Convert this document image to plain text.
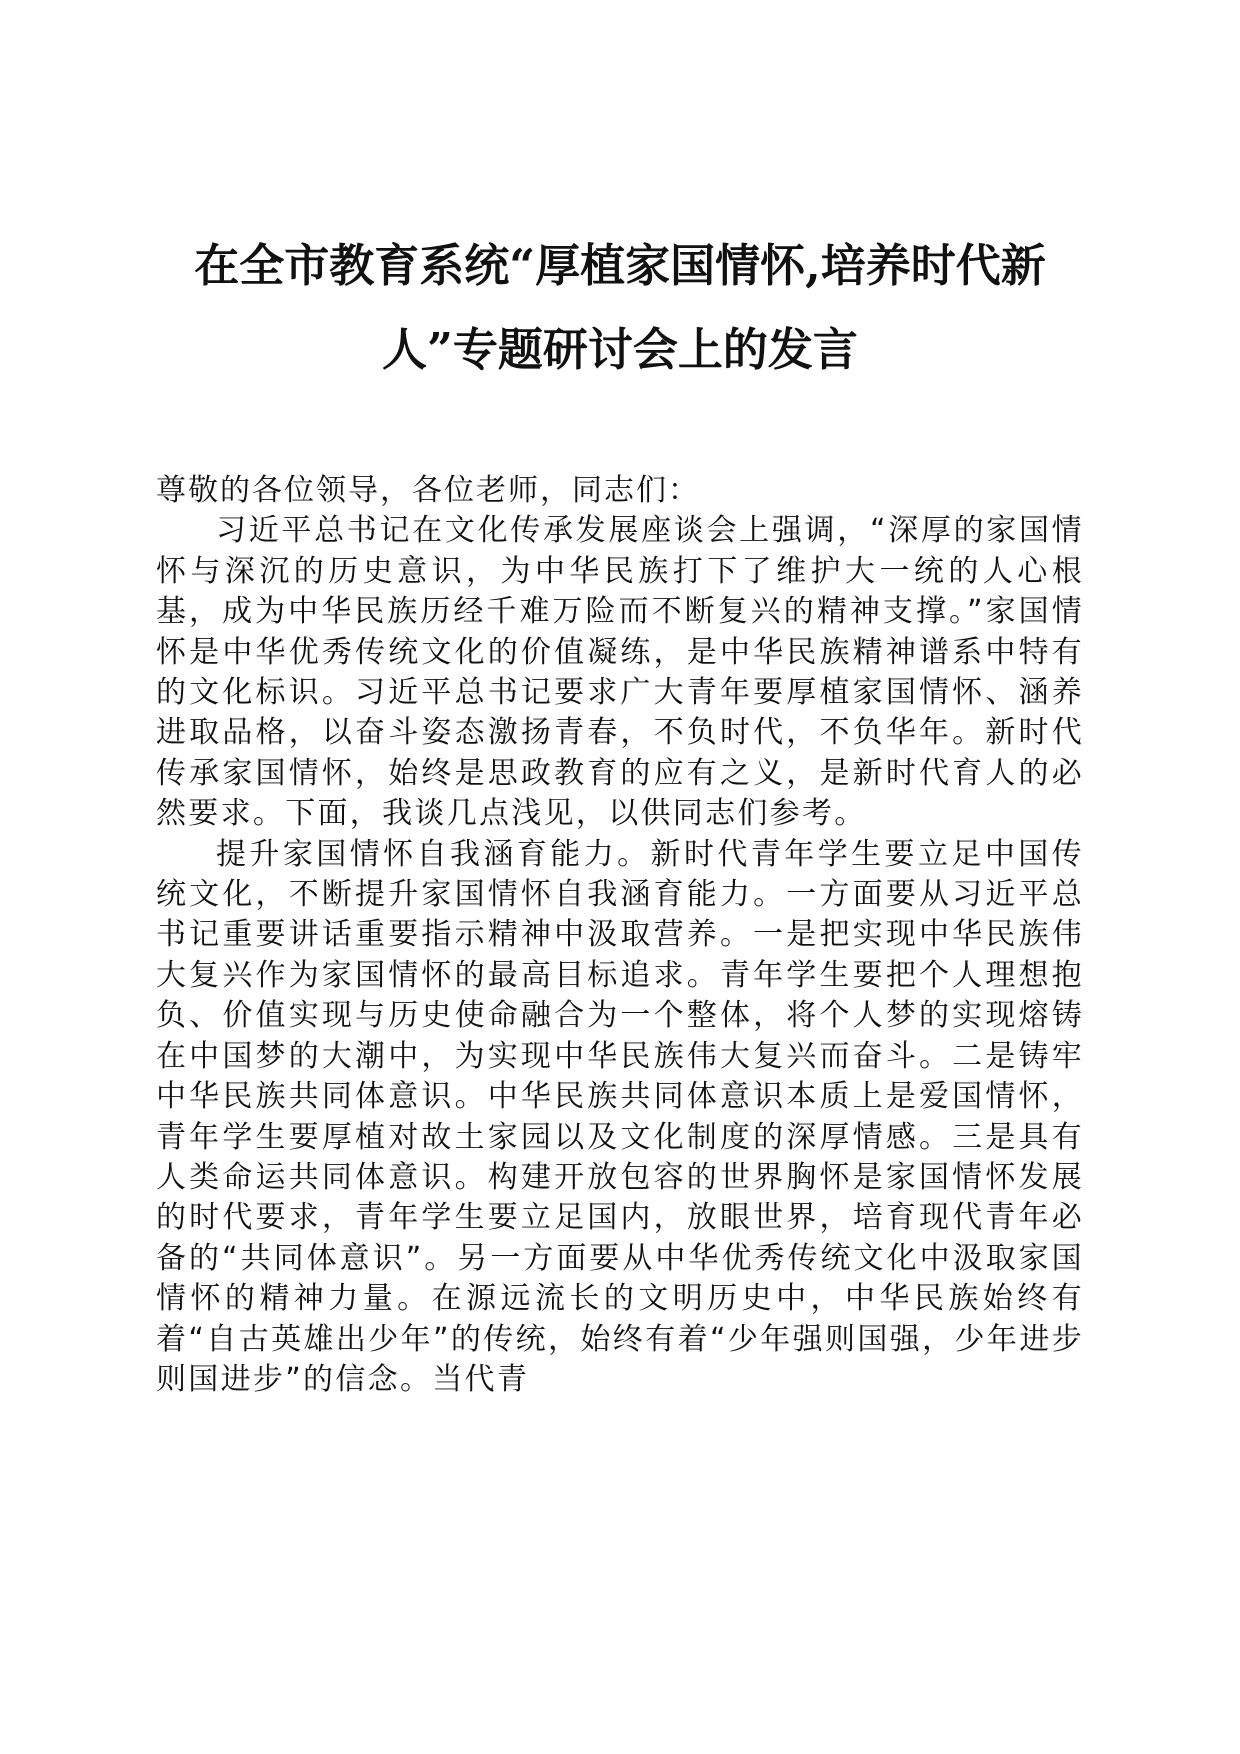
在全市教育系统“厚植家国情怀,培养时代新
人”专题研讨会上的发言

尊敬的各位领导，各位老师，同志们：

习近平总书记在文化传承发展座谈会上强调，“深厚的家国情怀与深沉的历史意识，为中华民族打下了维护大一统的人心根基，成为中华民族历经千难万险而不断复兴的精神支撑。”家国情怀是中华优秀传统文化的价值凝练，是中华民族精神谱系中特有的文化标识。习近平总书记要求广大青年要厚植家国情怀、涵养进取品格，以奋斗姿态激扬青春，不负时代，不负华年。新时代传承家国情怀，始终是思政教育的应有之义，是新时代育人的必然要求。下面，我谈几点浅见，以供同志们参考。

提升家国情怀自我涵育能力。新时代青年学生要立足中国传统文化，不断提升家国情怀自我涵育能力。一方面要从习近平总书记重要讲话重要指示精神中汲取营养。一是把实现中华民族伟大复兴作为家国情怀的最高目标追求。青年学生要把个人理想抱负、价值实现与历史使命融合为一个整体，将个人梦的实现熔铸在中国梦的大潮中，为实现中华民族伟大复兴而奋斗。二是铸牢中华民族共同体意识。中华民族共同体意识本质上是爱国情怀，青年学生要厚植对故土家园以及文化制度的深厚情感。三是具有人类命运共同体意识。构建开放包容的世界胸怀是家国情怀发展的时代要求，青年学生要立足国内，放眼世界，培育现代青年必备的“共同体意识”。另一方面要从中华优秀传统文化中汲取家国情怀的精神力量。在源远流长的文明历史中，中华民族始终有着“自古英雄出少年”的传统，始终有着“少年强则国强，少年进步则国进步”的信念。当代青
